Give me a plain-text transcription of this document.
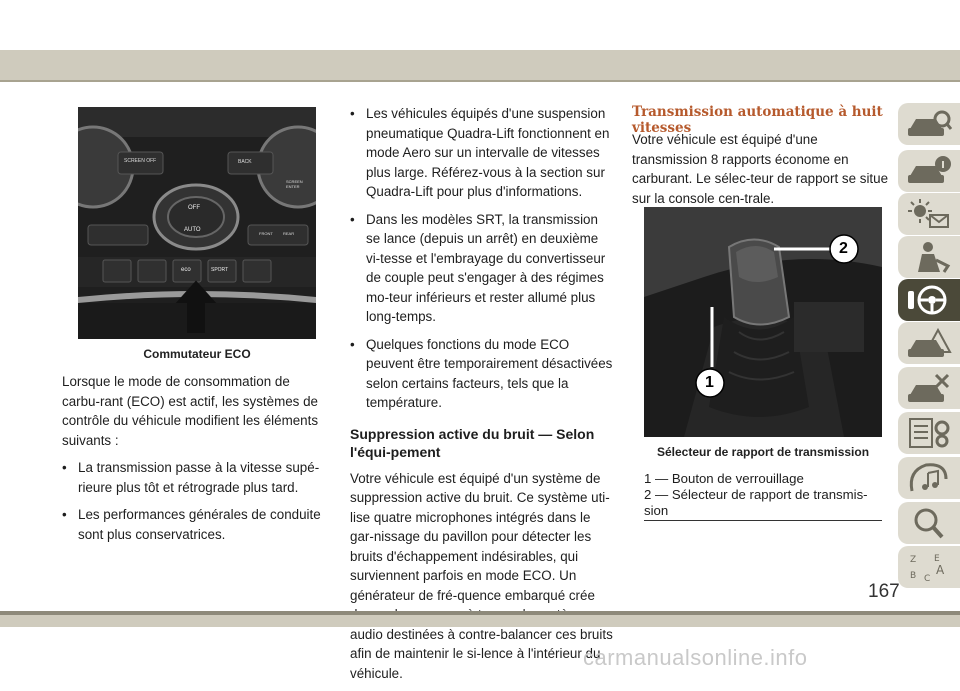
SCREEN OFF	BACK
OFF
AUTO
eco	SPORT
FRONT	REAR
SCREEN ENTER
Commutateur ECO

Lorsque le mode de consommation de carbu-rant (ECO) est actif, les systèmes de contrôle du véhicule modifient les éléments suivants :

• La transmission passe à la vitesse supé-rieure plus tôt et rétrograde plus tard.
• Les performances générales de conduite sont plus conservatrices.
• Les véhicules équipés d'une suspension pneumatique Quadra-Lift fonctionnent en mode Aero sur un intervalle de vitesses plus large. Référez-vous à la section sur Quadra-Lift pour plus d'informations.
• Dans les modèles SRT, la transmission se lance (depuis un arrêt) en deuxième vi-tesse et l'embrayage du convertisseur de couple peut s'engager à des régimes mo-teur inférieurs et rester allumé plus long-temps.
• Quelques fonctions du mode ECO peuvent être temporairement désactivées selon certains facteurs, tels que la température.
Suppression active du bruit — Selon l'équi-pement

Votre véhicule est équipé d'un système de suppression active du bruit. Ce système uti-lise quatre microphones intégrés dans le gar-nissage du pavillon pour détecter les bruits d'échappement indésirables, qui surviennent parfois en mode ECO. Un générateur de fré-quence embarqué crée audio destinées à contre-balancer ces bruits afin de maintenir le si-lence à l'intérieur du véhicule.

Transmission automatique à huit vitesses

Votre véhicule est équipé d'une transmission 8 rapports économe en carburant. Le sélec-teur de rapport se situe sur la console cen-trale.

1
2
Sélecteur de rapport de transmission
1 — Bouton de verrouillage
2 — Sélecteur de rapport de transmis-sion
Z E
B C
A
167
carmanualsonline.info
